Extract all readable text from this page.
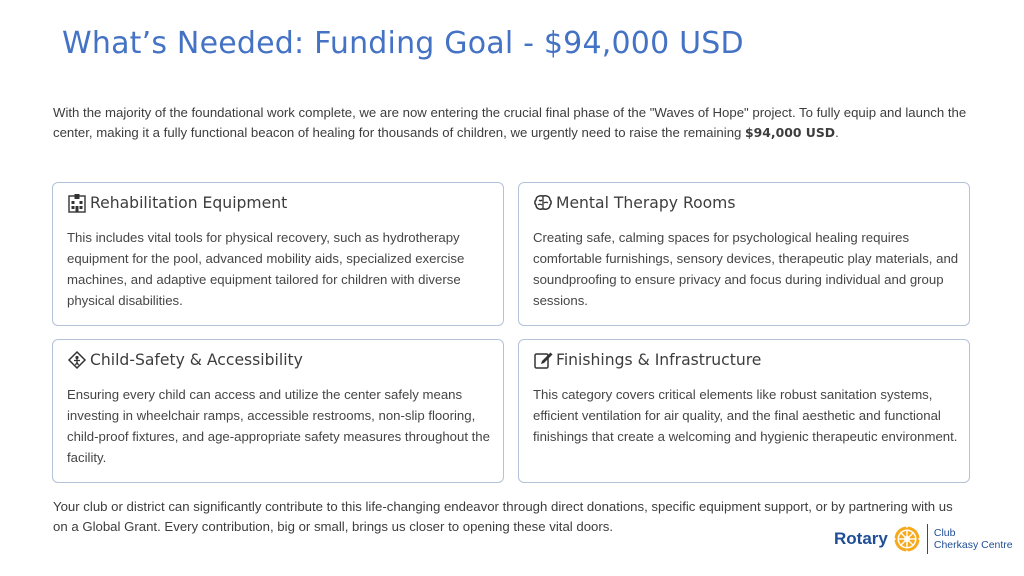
What’s Needed: Funding Goal - $94,000 USD

With the majority of the foundational work complete, we are now entering the crucial final phase of the "Waves of Hope" project. To fully equip and launch the center, making it a fully functional beacon of healing for thousands of children, we urgently need to raise the remaining $94,000 USD.

Rehabilitation Equipment

This includes vital tools for physical recovery, such as hydrotherapy equipment for the pool, advanced mobility aids, specialized exercise machines, and adaptive equipment tailored for children with diverse physical disabilities.

Mental Therapy Rooms

Creating safe, calming spaces for psychological healing requires comfortable furnishings, sensory devices, therapeutic play materials, and soundproofing to ensure privacy and focus during individual and group sessions.

Child-Safety & Accessibility

Ensuring every child can access and utilize the center safely means investing in wheelchair ramps, accessible restrooms, non-slip flooring, child-proof fixtures, and age-appropriate safety measures throughout the facility.

Finishings & Infrastructure

This category covers critical elements like robust sanitation systems, efficient ventilation for air quality, and the final aesthetic and functional finishings that create a welcoming and hygienic therapeutic environment.

Your club or district can significantly contribute to this life-changing endeavor through direct donations, specific equipment support, or by partnering with us on a Global Grant. Every contribution, big or small, brings us closer to opening these vital doors.

Rotary	Club
Cherkasy Centre
